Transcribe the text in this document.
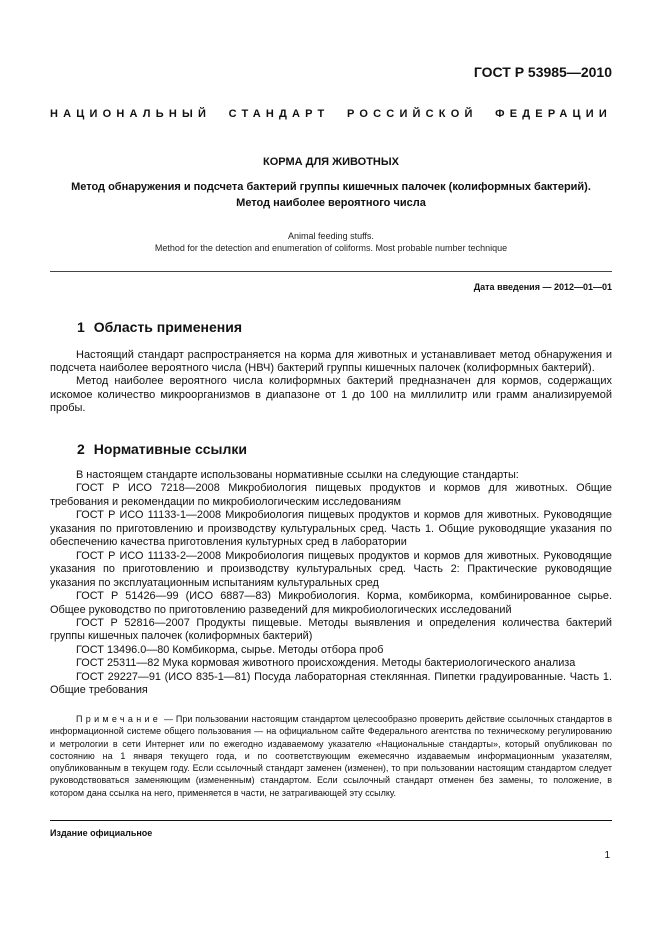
ГОСТ Р 53985—2010
НАЦИОНАЛЬНЫЙ СТАНДАРТ РОССИЙСКОЙ ФЕДЕРАЦИИ
КОРМА ДЛЯ ЖИВОТНЫХ
Метод обнаружения и подсчета бактерий группы кишечных палочек (колиформных бактерий).
Метод наиболее вероятного числа
Animal feeding stuffs.
Method for the detection and enumeration of coliforms. Most probable number technique
Дата введения — 2012—01—01
1 Область применения

Настоящий стандарт распространяется на корма для животных и устанавливает метод обнаружения и подсчета наиболее вероятного числа (НВЧ) бактерий группы кишечных палочек (колиформных бактерий).

Метод наиболее вероятного числа колиформных бактерий предназначен для кормов, содержащих искомое количество микроорганизмов в диапазоне от 1 до 100 на миллилитр или грамм анализируемой пробы.

2 Нормативные ссылки

В настоящем стандарте использованы нормативные ссылки на следующие стандарты:

ГОСТ Р ИСО 7218—2008 Микробиология пищевых продуктов и кормов для животных. Общие требования и рекомендации по микробиологическим исследованиям

ГОСТ Р ИСО 11133-1—2008 Микробиология пищевых продуктов и кормов для животных. Руководящие указания по приготовлению и производству культуральных сред. Часть 1. Общие руководящие указания по обеспечению качества приготовления культурных сред в лаборатории

ГОСТ Р ИСО 11133-2—2008 Микробиология пищевых продуктов и кормов для животных. Руководящие указания по приготовлению и производству культуральных сред. Часть 2: Практические руководящие указания по эксплуатационным испытаниям культуральных сред

ГОСТ Р 51426—99 (ИСО 6887—83) Микробиология. Корма, комбикорма, комбинированное сырье. Общее руководство по приготовлению разведений для микробиологических исследований

ГОСТ Р 52816—2007 Продукты пищевые. Методы выявления и определения количества бактерий группы кишечных палочек (колиформных бактерий)

ГОСТ 13496.0—80 Комбикорма, сырье. Методы отбора проб

ГОСТ 25311—82 Мука кормовая животного происхождения. Методы бактериологического анализа

ГОСТ 29227—91 (ИСО 835-1—81) Посуда лабораторная стеклянная. Пипетки градуированные. Часть 1. Общие требования

Примечание — При пользовании настоящим стандартом целесообразно проверить действие ссылочных стандартов в информационной системе общего пользования — на официальном сайте Федерального агентства по техническому регулированию и метрологии в сети Интернет или по ежегодно издаваемому указателю «Национальные стандарты», который опубликован по состоянию на 1 января текущего года, и по соответствующим ежемесячно издаваемым информационным указателям, опубликованным в текущем году. Если ссылочный стандарт заменен (изменен), то при пользовании настоящим стандартом следует руководствоваться заменяющим (измененным) стандартом. Если ссылочный стандарт отменен без замены, то положение, в котором дана ссылка на него, применяется в части, не затрагивающей эту ссылку.

Издание официальное
1
